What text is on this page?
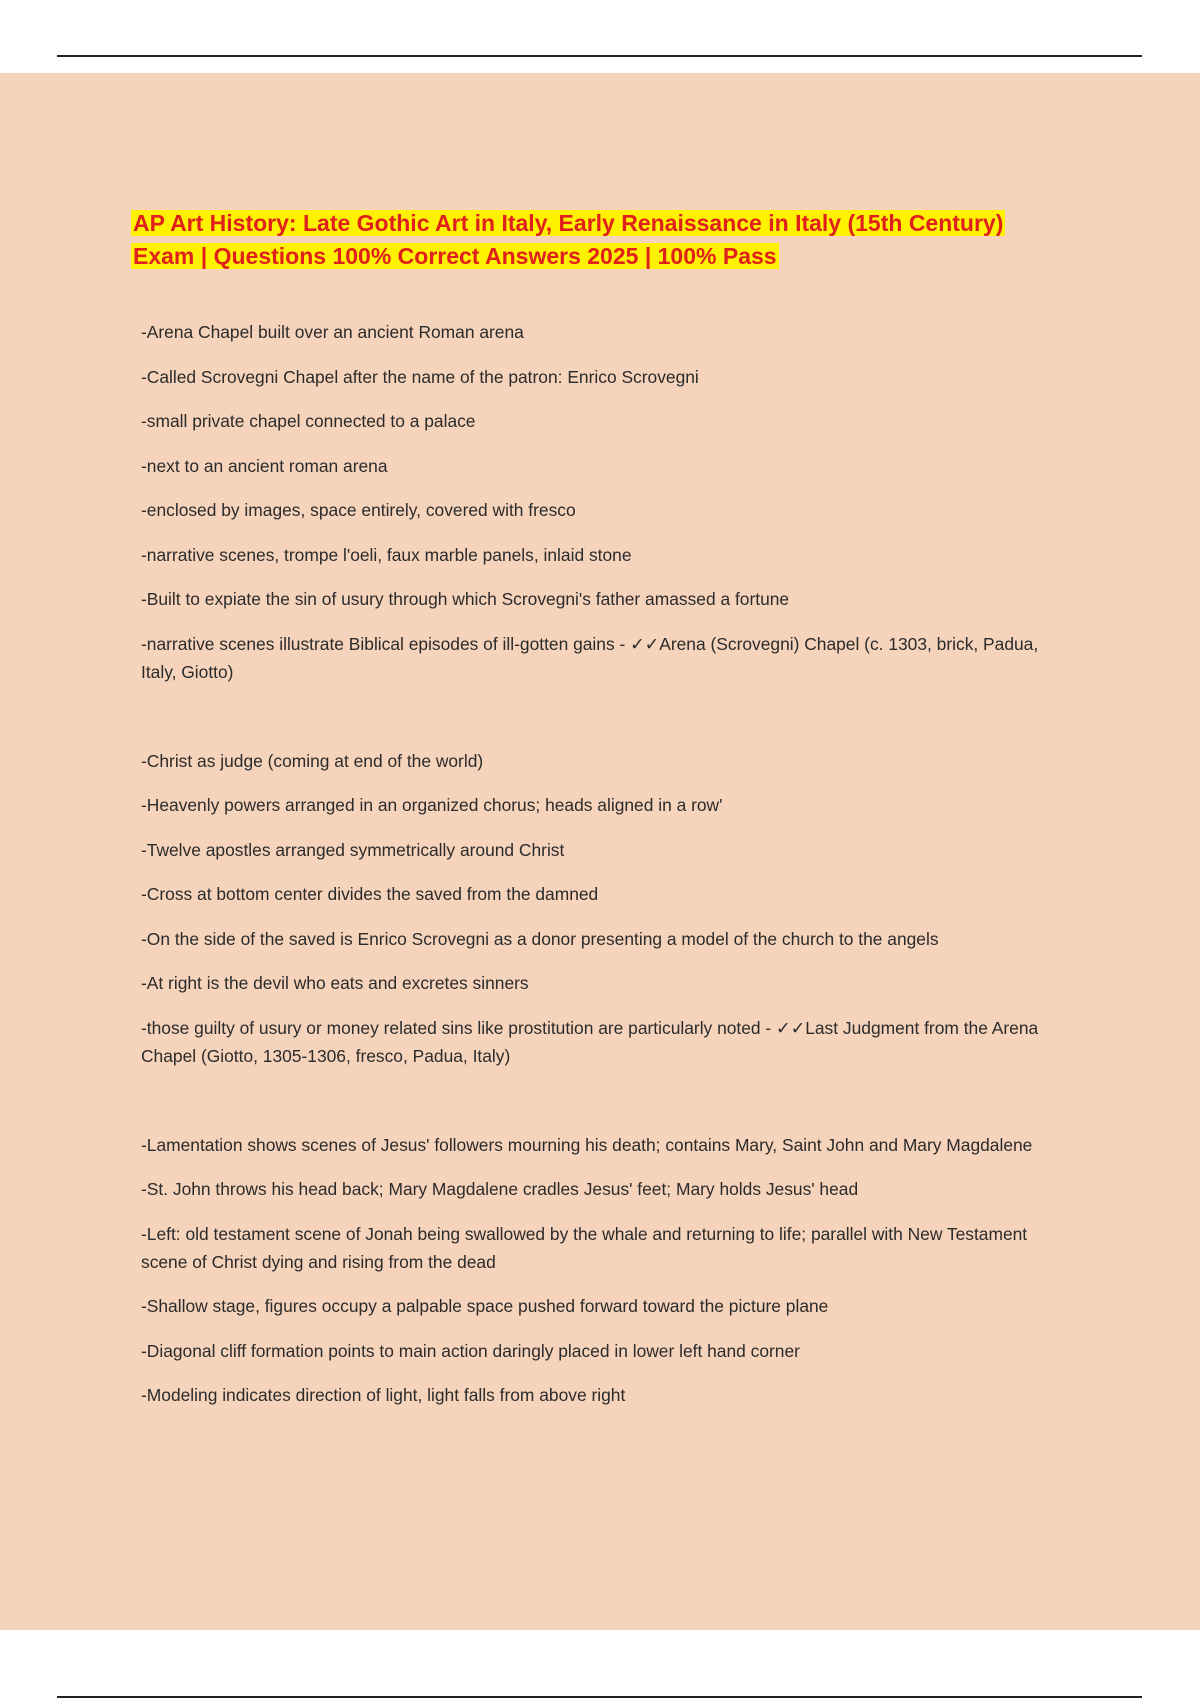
AP Art History: Late Gothic Art in Italy, Early Renaissance in Italy (15th Century)
Exam | Questions 100% Correct Answers 2025 | 100% Pass
-Arena Chapel built over an ancient Roman arena
-Called Scrovegni Chapel after the name of the patron: Enrico Scrovegni
-small private chapel connected to a palace
-next to an ancient roman arena
-enclosed by images, space entirely, covered with fresco
-narrative scenes, trompe l'oeli, faux marble panels, inlaid stone
-Built to expiate the sin of usury through which Scrovegni's father amassed a fortune
-narrative scenes illustrate Biblical episodes of ill-gotten gains - ✓✓Arena (Scrovegni) Chapel (c. 1303, brick, Padua, Italy, Giotto)
-Christ as judge (coming at end of the world)
-Heavenly powers arranged in an organized chorus; heads aligned in a row'
-Twelve apostles arranged symmetrically around Christ
-Cross at bottom center divides the saved from the damned
-On the side of the saved is Enrico Scrovegni as a donor presenting a model of the church to the angels
-At right is the devil who eats and excretes sinners
-those guilty of usury or money related sins like prostitution are particularly noted - ✓✓Last Judgment from the Arena Chapel (Giotto, 1305-1306, fresco, Padua, Italy)
-Lamentation shows scenes of Jesus' followers mourning his death; contains Mary, Saint John and Mary Magdalene
-St. John throws his head back; Mary Magdalene cradles Jesus' feet; Mary holds Jesus' head
-Left: old testament scene of Jonah being swallowed by the whale and returning to life; parallel with New Testament scene of Christ dying and rising from the dead
-Shallow stage, figures occupy a palpable space pushed forward toward the picture plane
-Diagonal cliff formation points to main action daringly placed in lower left hand corner
-Modeling indicates direction of light, light falls from above right
